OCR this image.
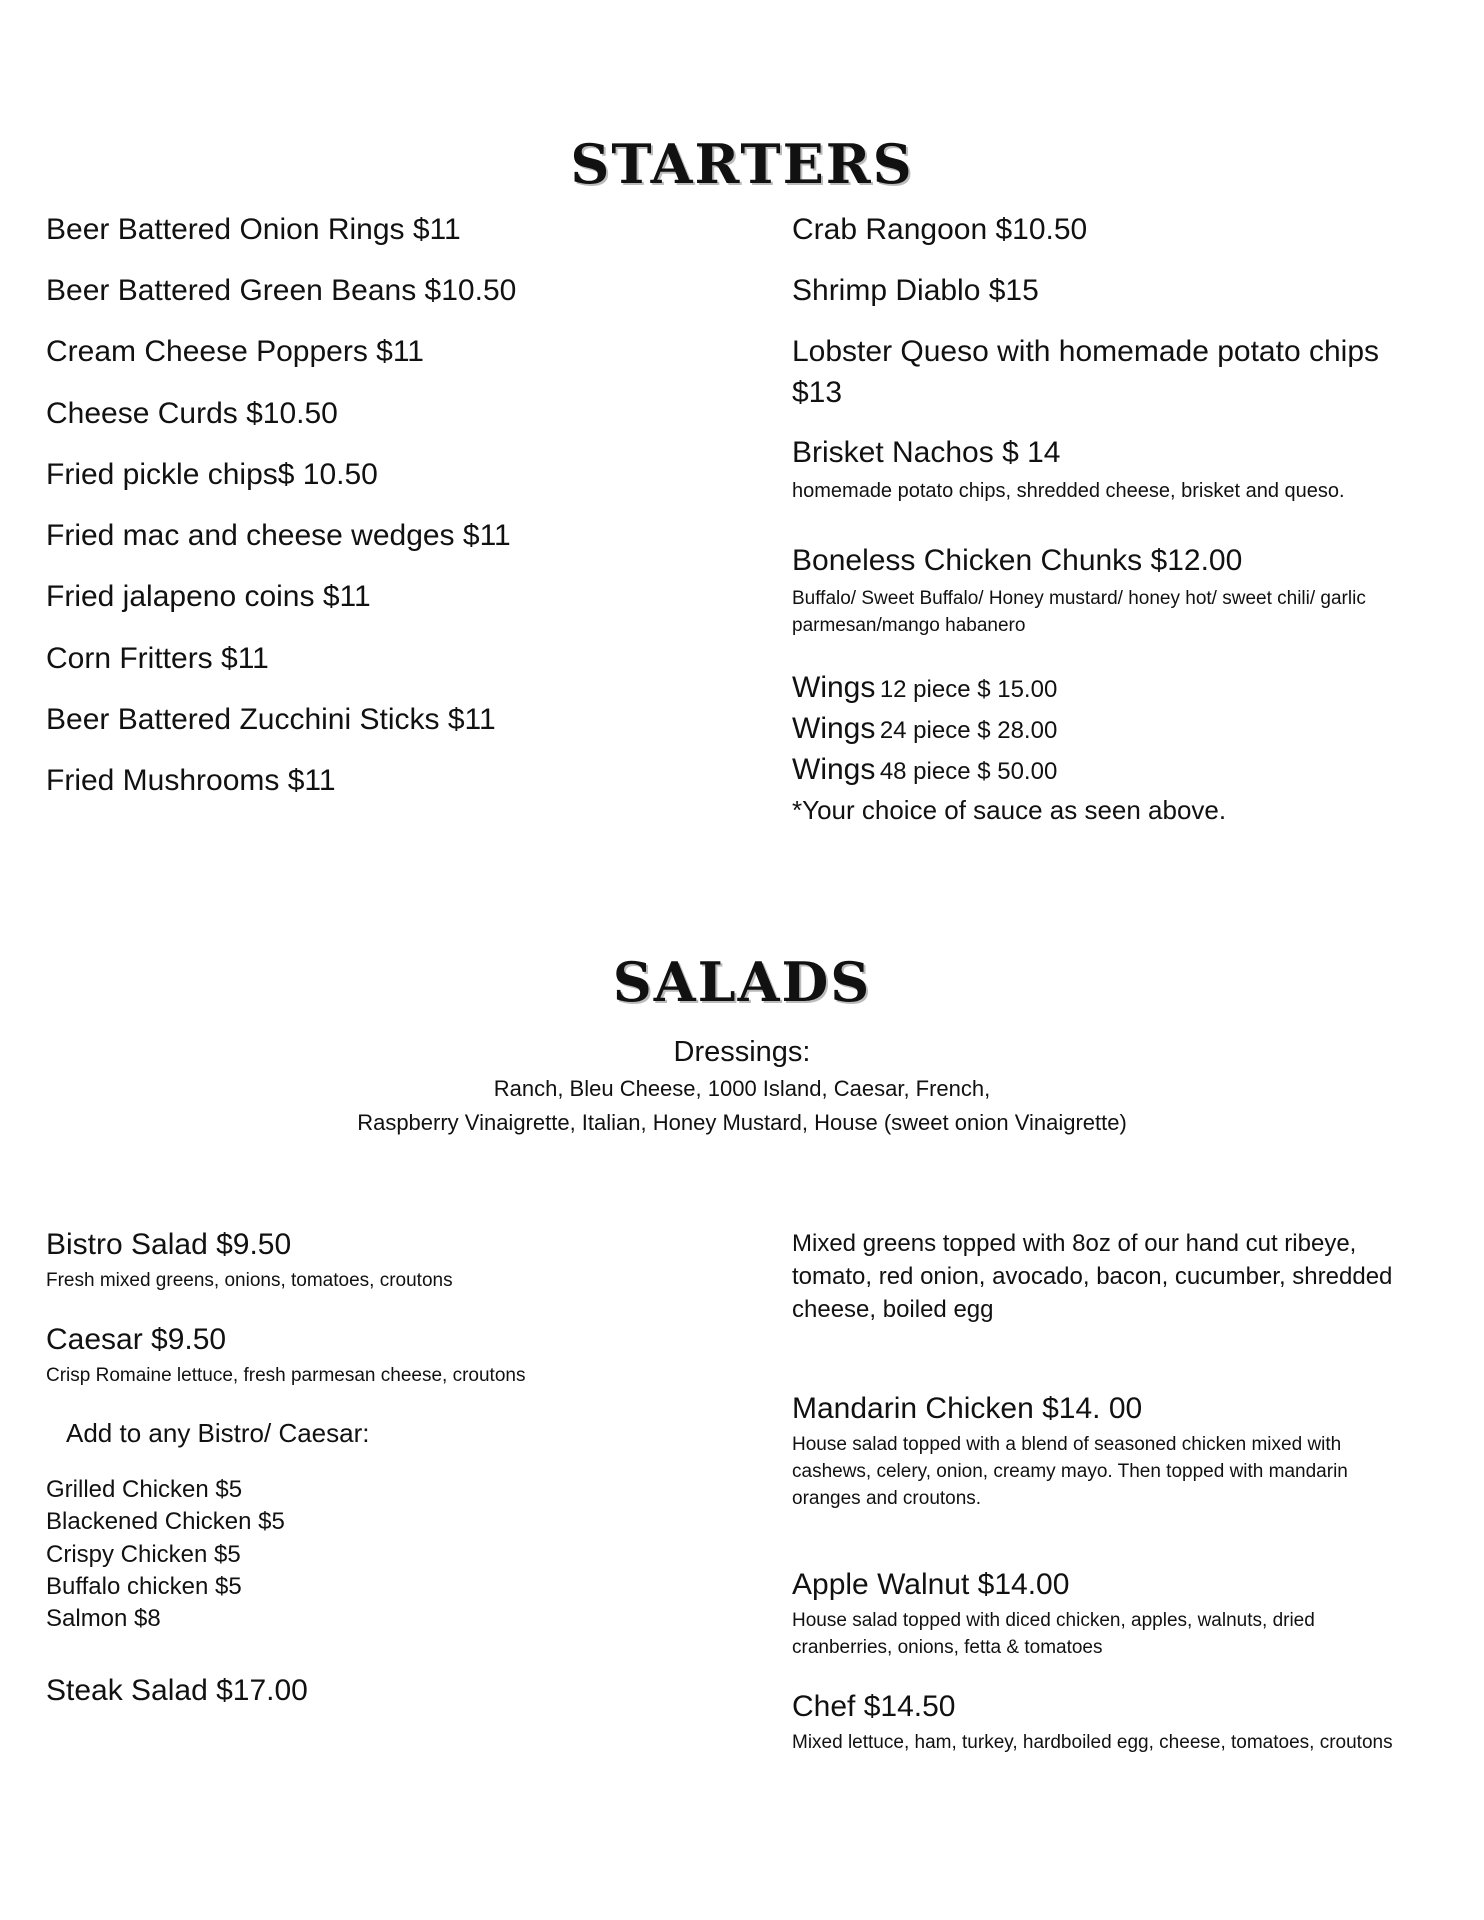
STARTERS
Beer Battered Onion Rings $11
Beer Battered Green Beans $10.50
Cream Cheese Poppers $11
Cheese Curds $10.50
Fried pickle chips$ 10.50
Fried mac and cheese wedges $11
Fried jalapeno coins $11
Corn Fritters $11
Beer Battered Zucchini Sticks $11
Fried Mushrooms $11
Crab Rangoon $10.50
Shrimp Diablo $15
Lobster Queso with homemade potato chips
$13
Brisket Nachos $ 14
homemade potato chips, shredded cheese, brisket and queso.
Boneless Chicken Chunks $12.00
Buffalo/ Sweet Buffalo/ Honey mustard/ honey hot/ sweet chili/ garlic
parmesan/mango habanero
Wings 12 piece $ 15.00
Wings 24 piece $ 28.00
Wings 48 piece $ 50.00
*Your choice of sauce as seen above.
SALADS
Dressings:
Ranch, Bleu Cheese, 1000 Island, Caesar, French,
Raspberry Vinaigrette, Italian, Honey Mustard, House (sweet onion Vinaigrette)
Bistro Salad $9.50
Fresh mixed greens, onions, tomatoes, croutons
Caesar $9.50
Crisp Romaine lettuce, fresh parmesan cheese, croutons
Add to any Bistro/ Caesar:
Grilled Chicken $5
Blackened Chicken $5
Crispy Chicken $5
Buffalo chicken $5
Salmon $8
Steak Salad $17.00
Mixed greens topped with 8oz of our hand cut ribeye,
tomato, red onion, avocado, bacon, cucumber, shredded
cheese, boiled egg
Mandarin Chicken $14. 00
House salad topped with a blend of seasoned chicken mixed with
cashews, celery, onion, creamy mayo. Then topped with mandarin
oranges and croutons.
Apple Walnut $14.00
House salad topped with diced chicken, apples, walnuts, dried
cranberries, onions, fetta & tomatoes
Chef $14.50
Mixed lettuce, ham, turkey, hardboiled egg, cheese, tomatoes, croutons
